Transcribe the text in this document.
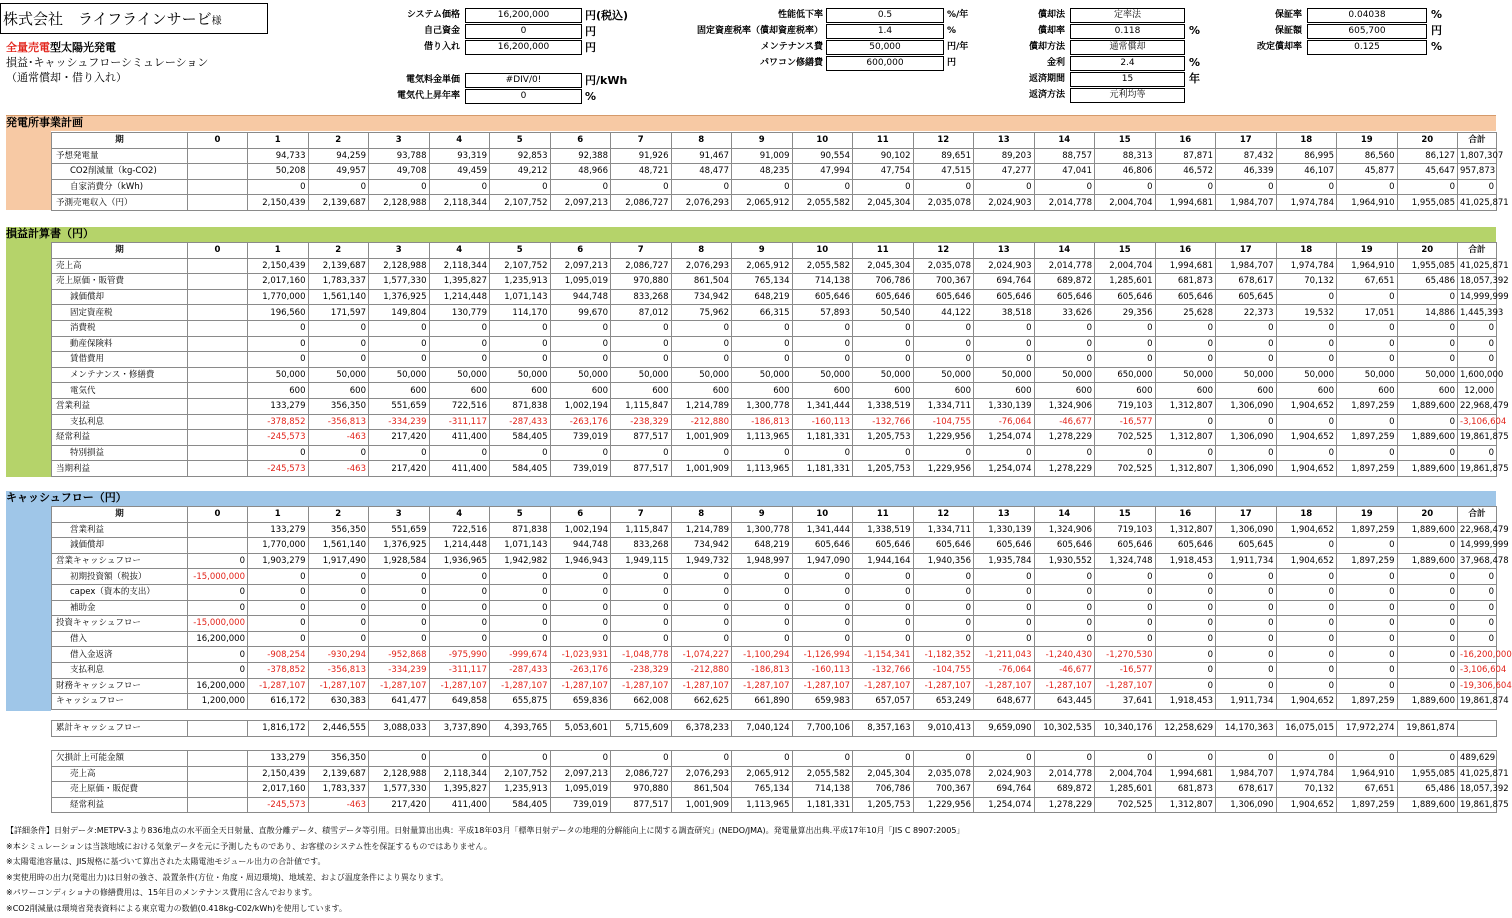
株式会社　ライフラインサービ様
全量売電型太陽光発電
損益･キャッシュフローシミュレーション
（通常償却・借り入れ）
システム価格	16,200,000	円(税込)
自己資金	0	円
借り入れ	16,200,000	円
電気料金単価	#DIV/0!	円/kWh
電気代上昇年率	0	%
性能低下率	0.5	%/年
固定資産税率（償却資産税率）	1.4	%
メンテナンス費	50,000	円/年
パワコン修繕費	600,000	円
償却法	定率法
償却率	0.118	%
償却方法	通常償却
金利	2.4	%
返済期間	15	年
返済方法	元利均等
保証率	0.04038	%
保証額	605,700	円
改定償却率	0.125	%
発電所事業計画
期	0	1	2	3	4	5	6	7	8	9	10	11	12	13	14	15	16	17	18	19	20	合計
予想発電量		94,733	94,259	93,788	93,319	92,853	92,388	91,926	91,467	91,009	90,554	90,102	89,651	89,203	88,757	88,313	87,871	87,432	86,995	86,560	86,127	1,807,307
CO2削減量（kg-CO2)		50,208	49,957	49,708	49,459	49,212	48,966	48,721	48,477	48,235	47,994	47,754	47,515	47,277	47,041	46,806	46,572	46,339	46,107	45,877	45,647	957,873
自家消費分（kWh)		0	0	0	0	0	0	0	0	0	0	0	0	0	0	0	0	0	0	0	0	0
予測売電収入（円）		2,150,439	2,139,687	2,128,988	2,118,344	2,107,752	2,097,213	2,086,727	2,076,293	2,065,912	2,055,582	2,045,304	2,035,078	2,024,903	2,014,778	2,004,704	1,994,681	1,984,707	1,974,784	1,964,910	1,955,085	41,025,871
損益計算書（円）
期	0	1	2	3	4	5	6	7	8	9	10	11	12	13	14	15	16	17	18	19	20	合計
売上高		2,150,439	2,139,687	2,128,988	2,118,344	2,107,752	2,097,213	2,086,727	2,076,293	2,065,912	2,055,582	2,045,304	2,035,078	2,024,903	2,014,778	2,004,704	1,994,681	1,984,707	1,974,784	1,964,910	1,955,085	41,025,871
売上原価・販管費		2,017,160	1,783,337	1,577,330	1,395,827	1,235,913	1,095,019	970,880	861,504	765,134	714,138	706,786	700,367	694,764	689,872	1,285,601	681,873	678,617	70,132	67,651	65,486	18,057,392
減価償却		1,770,000	1,561,140	1,376,925	1,214,448	1,071,143	944,748	833,268	734,942	648,219	605,646	605,646	605,646	605,646	605,646	605,646	605,646	605,645	0	0	0	14,999,999
固定資産税		196,560	171,597	149,804	130,779	114,170	99,670	87,012	75,962	66,315	57,893	50,540	44,122	38,518	33,626	29,356	25,628	22,373	19,532	17,051	14,886	1,445,393
消費税		0	0	0	0	0	0	0	0	0	0	0	0	0	0	0	0	0	0	0	0	0
動産保険料		0	0	0	0	0	0	0	0	0	0	0	0	0	0	0	0	0	0	0	0	0
賃借費用		0	0	0	0	0	0	0	0	0	0	0	0	0	0	0	0	0	0	0	0	0
メンテナンス・修繕費		50,000	50,000	50,000	50,000	50,000	50,000	50,000	50,000	50,000	50,000	50,000	50,000	50,000	50,000	650,000	50,000	50,000	50,000	50,000	50,000	1,600,000
電気代		600	600	600	600	600	600	600	600	600	600	600	600	600	600	600	600	600	600	600	600	12,000
営業利益		133,279	356,350	551,659	722,516	871,838	1,002,194	1,115,847	1,214,789	1,300,778	1,341,444	1,338,519	1,334,711	1,330,139	1,324,906	719,103	1,312,807	1,306,090	1,904,652	1,897,259	1,889,600	22,968,479
支払利息		-378,852	-356,813	-334,239	-311,117	-287,433	-263,176	-238,329	-212,880	-186,813	-160,113	-132,766	-104,755	-76,064	-46,677	-16,577	0	0	0	0	0	-3,106,604
経常利益		-245,573	-463	217,420	411,400	584,405	739,019	877,517	1,001,909	1,113,965	1,181,331	1,205,753	1,229,956	1,254,074	1,278,229	702,525	1,312,807	1,306,090	1,904,652	1,897,259	1,889,600	19,861,875
特別損益		0	0	0	0	0	0	0	0	0	0	0	0	0	0	0	0	0	0	0	0	0
当期利益		-245,573	-463	217,420	411,400	584,405	739,019	877,517	1,001,909	1,113,965	1,181,331	1,205,753	1,229,956	1,254,074	1,278,229	702,525	1,312,807	1,306,090	1,904,652	1,897,259	1,889,600	19,861,875
キャッシュフロー（円）
期	0	1	2	3	4	5	6	7	8	9	10	11	12	13	14	15	16	17	18	19	20	合計
営業利益		133,279	356,350	551,659	722,516	871,838	1,002,194	1,115,847	1,214,789	1,300,778	1,341,444	1,338,519	1,334,711	1,330,139	1,324,906	719,103	1,312,807	1,306,090	1,904,652	1,897,259	1,889,600	22,968,479
減価償却		1,770,000	1,561,140	1,376,925	1,214,448	1,071,143	944,748	833,268	734,942	648,219	605,646	605,646	605,646	605,646	605,646	605,646	605,646	605,645	0	0	0	14,999,999
営業キャッシュフロー	0	1,903,279	1,917,490	1,928,584	1,936,965	1,942,982	1,946,943	1,949,115	1,949,732	1,948,997	1,947,090	1,944,164	1,940,356	1,935,784	1,930,552	1,324,748	1,918,453	1,911,734	1,904,652	1,897,259	1,889,600	37,968,478
初期投資額（税抜）	-15,000,000	0	0	0	0	0	0	0	0	0	0	0	0	0	0	0	0	0	0	0	0	0
capex（資本的支出）	0	0	0	0	0	0	0	0	0	0	0	0	0	0	0	0	0	0	0	0	0	0
補助金	0	0	0	0	0	0	0	0	0	0	0	0	0	0	0	0	0	0	0	0	0	0
投資キャッシュフロー	-15,000,000	0	0	0	0	0	0	0	0	0	0	0	0	0	0	0	0	0	0	0	0	0
借入	16,200,000	0	0	0	0	0	0	0	0	0	0	0	0	0	0	0	0	0	0	0	0	0
借入金返済	0	-908,254	-930,294	-952,868	-975,990	-999,674	-1,023,931	-1,048,778	-1,074,227	-1,100,294	-1,126,994	-1,154,341	-1,182,352	-1,211,043	-1,240,430	-1,270,530	0	0	0	0	0	-16,200,000
支払利息	0	-378,852	-356,813	-334,239	-311,117	-287,433	-263,176	-238,329	-212,880	-186,813	-160,113	-132,766	-104,755	-76,064	-46,677	-16,577	0	0	0	0	0	-3,106,604
財務キャッシュフロー	16,200,000	-1,287,107	-1,287,107	-1,287,107	-1,287,107	-1,287,107	-1,287,107	-1,287,107	-1,287,107	-1,287,107	-1,287,107	-1,287,107	-1,287,107	-1,287,107	-1,287,107	-1,287,107	0	0	0	0	0	-19,306,604
キャッシュフロー	1,200,000	616,172	630,383	641,477	649,858	655,875	659,836	662,008	662,625	661,890	659,983	657,057	653,249	648,677	643,445	37,641	1,918,453	1,911,734	1,904,652	1,897,259	1,889,600	19,861,874
累計キャッシュフロー		1,816,172	2,446,555	3,088,033	3,737,890	4,393,765	5,053,601	5,715,609	6,378,233	7,040,124	7,700,106	8,357,163	9,010,413	9,659,090	10,302,535	10,340,176	12,258,629	14,170,363	16,075,015	17,972,274	19,861,874	
欠損計上可能金額		133,279	356,350	0	0	0	0	0	0	0	0	0	0	0	0	0	0	0	0	0	0	489,629
売上高		2,150,439	2,139,687	2,128,988	2,118,344	2,107,752	2,097,213	2,086,727	2,076,293	2,065,912	2,055,582	2,045,304	2,035,078	2,024,903	2,014,778	2,004,704	1,994,681	1,984,707	1,974,784	1,964,910	1,955,085	41,025,871
売上原価・販促費		2,017,160	1,783,337	1,577,330	1,395,827	1,235,913	1,095,019	970,880	861,504	765,134	714,138	706,786	700,367	694,764	689,872	1,285,601	681,873	678,617	70,132	67,651	65,486	18,057,392
経常利益		-245,573	-463	217,420	411,400	584,405	739,019	877,517	1,001,909	1,113,965	1,181,331	1,205,753	1,229,956	1,254,074	1,278,229	702,525	1,312,807	1,306,090	1,904,652	1,897,259	1,889,600	19,861,875
【詳細条件】日射データ:METPV-3より836地点の水平面全天日射量、直散分離データ、積雪データ等引用。日射量算出出典：平成18年03月「標準日射データの地理的分解能向上に関する調査研究」(NEDO/JMA)。発電量算出出典.平成17年10月「JIS C 8907:2005」
※本シミュレーションは当該地域における気象データを元に予測したものであり、お客様のシステム性を保証するものではありません。
※太陽電池容量は、JIS規格に基づいて算出された太陽電池モジュール出力の合計値です。
※実使用時の出力(発電出力)は日射の強さ、設置条件(方位・角度・周辺環境)、地域差、および温度条件により異なります。
※パワーコンディショナの修繕費用は、15年目のメンテナンス費用に含んでおります。
※CO2削減量は環境省発表資料による東京電力の数値(0.418kg-C02/kWh)を使用しています。
